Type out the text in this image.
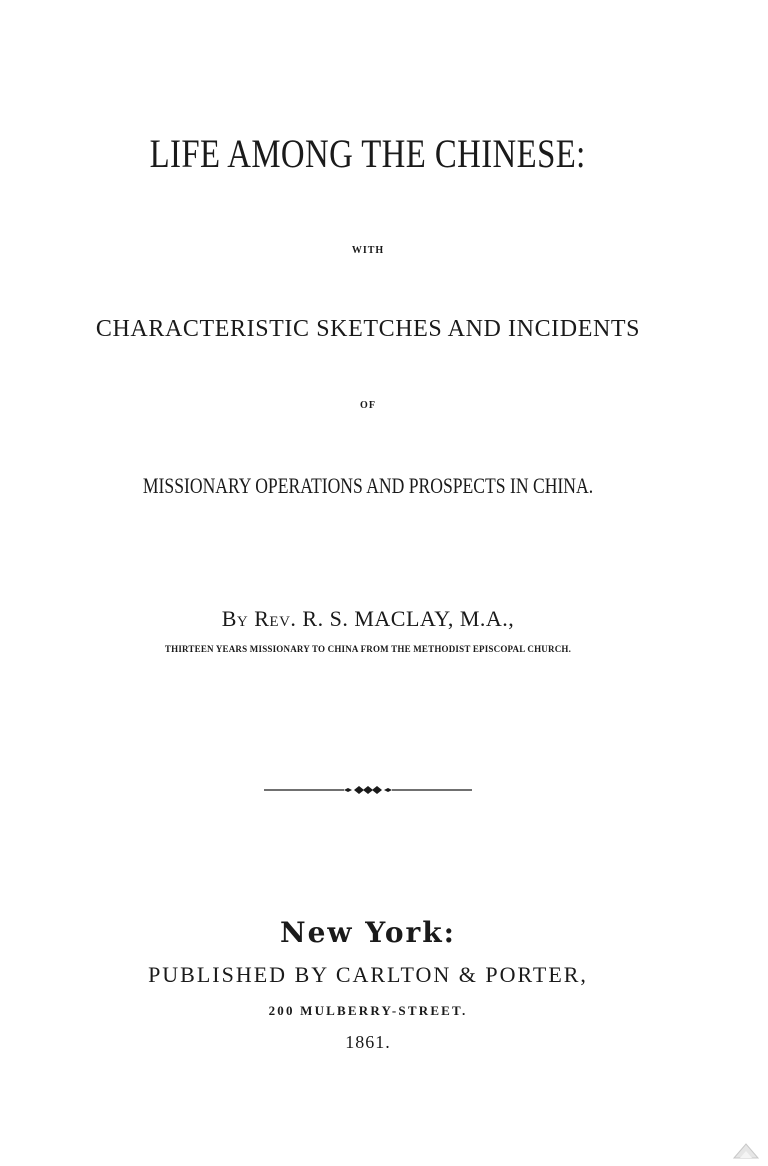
LIFE AMONG THE CHINESE:
WITH
CHARACTERISTIC SKETCHES AND INCIDENTS
OF
MISSIONARY OPERATIONS AND PROSPECTS IN CHINA.
By Rev. R. S. MACLAY, M.A.,
THIRTEEN YEARS MISSIONARY TO CHINA FROM THE METHODIST EPISCOPAL CHURCH.
New York:
PUBLISHED BY CARLTON & PORTER,
200 MULBERRY-STREET.
1861.
